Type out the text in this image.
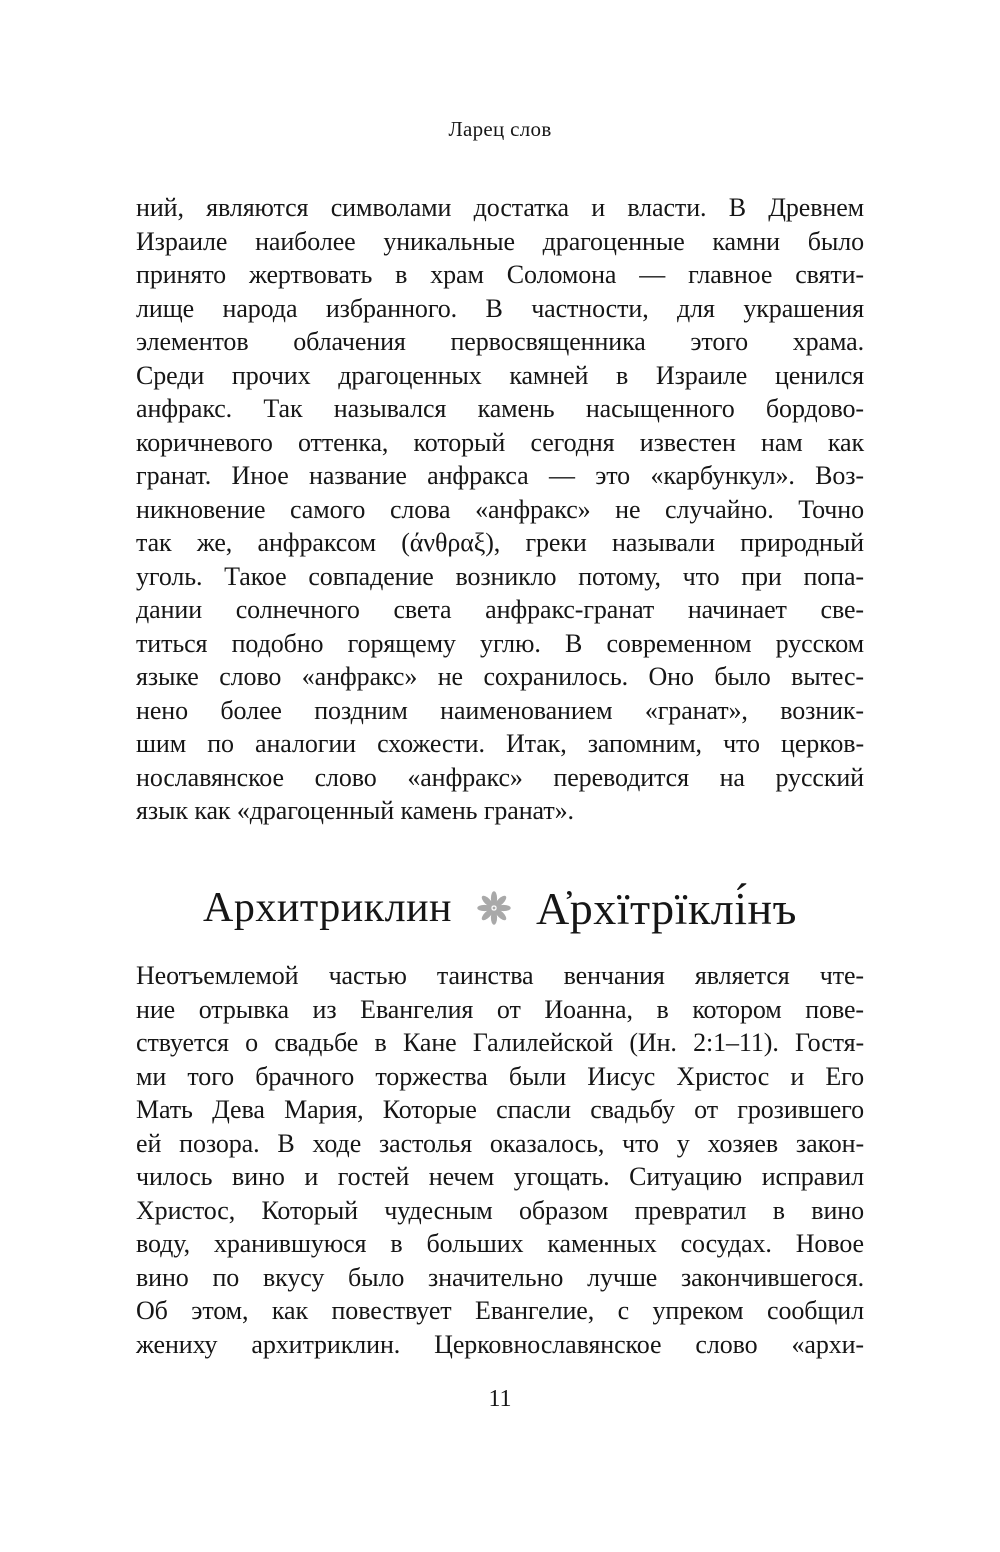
Ларец слов
ний, являются символами достатка и власти. В Древнем
Израиле наиболее уникальные драгоценные камни было
принято жертвовать в храм Соломона — главное святи-
лище народа избранного. В частности, для украшения
элементов облачения первосвященника этого храма.
Среди прочих драгоценных камней в Израиле ценился
анфракс. Так назывался камень насыщенного бордово-
коричневого оттенка, который сегодня известен нам как
гранат. Иное название анфракса — это «карбункул». Воз-
никновение самого слова «анфракс» не случайно. Точно
так же, анфраксом (άνθραξ), греки называли природный
уголь. Такое совпадение возникло потому, что при попа-
дании солнечного света анфракс-гранат начинает све-
титься подобно горящему углю. В современном русском
языке слово «анфракс» не сохранилось. Оно было вытес-
нено более поздним наименованием «гранат», возник-
шим по аналогии схожести. Итак, запомним, что церков-
нославянское слово «анфракс» переводится на русский
язык как «драгоценный камень гранат».
Архитриклин А̓рхїтрїклі́нъ
Неотъемлемой частью таинства венчания является чте-
ние отрывка из Евангелия от Иоанна, в котором пове-
ствуется о свадьбе в Кане Галилейской (Ин. 2:1–11). Гостя-
ми того брачного торжества были Иисус Христос и Его
Мать Дева Мария, Которые спасли свадьбу от грозившего
ей позора. В ходе застолья оказалось, что у хозяев закон-
чилось вино и гостей нечем угощать. Ситуацию исправил
Христос, Который чудесным образом превратил в вино
воду, хранившуюся в больших каменных сосудах. Новое
вино по вкусу было значительно лучше закончившегося.
Об этом, как повествует Евангелие, с упреком сообщил
жениху архитриклин. Церковнославянское слово «архи-
11
